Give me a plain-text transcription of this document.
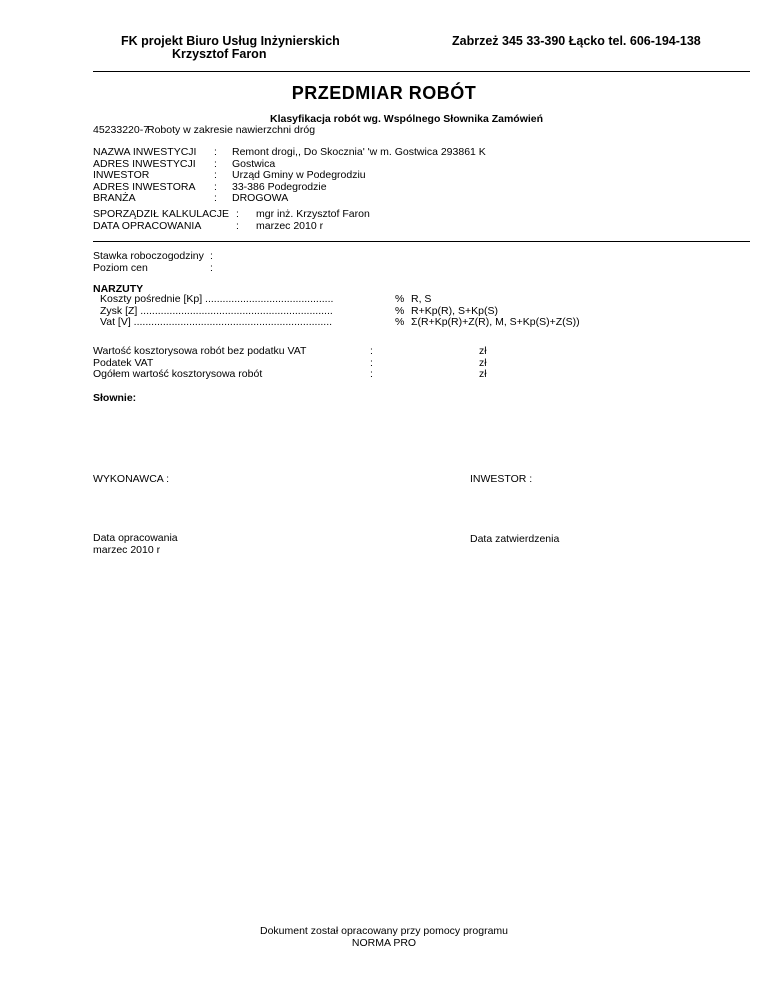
FK projekt Biuro Usług Inżynierskich
Krzysztof Faron
Zabrzeż 345 33-390 Łącko tel. 606-194-138
PRZEDMIAR ROBÓT
Klasyfikacja robót wg. Wspólnego Słownika Zamówień
45233220-7
Roboty w zakresie nawierzchni dróg
NAZWA INWESTYCJI
ADRES INWESTYCJI
INWESTOR
ADRES INWESTORA
BRANŻA
:
:
:
:
:
Remont drogi,, Do Skocznia' 'w m. Gostwica 293861 K
Gostwica
Urząd Gminy w Podegrodziu
33-386 Podegrodzie
DROGOWA
SPORZĄDZIŁ KALKULACJE
DATA OPRACOWANIA
:
:
mgr inż. Krzysztof Faron
marzec 2010 r
Stawka roboczogodziny
Poziom cen
:
:
NARZUTY
Koszty pośrednie [Kp] ............................................
Zysk [Z] ..................................................................
Vat [V] ....................................................................
%
%
%
R, S
R+Kp(R), S+Kp(S)
Σ(R+Kp(R)+Z(R), M, S+Kp(S)+Z(S))
Wartość kosztorysowa robót bez podatku VAT
Podatek VAT
Ogółem wartość kosztorysowa robót
:
:
:
zł
zł
zł
Słownie:
WYKONAWCA :	INWESTOR :
Data opracowania
marzec 2010 r
Data zatwierdzenia
Dokument został opracowany przy pomocy programu
NORMA PRO
